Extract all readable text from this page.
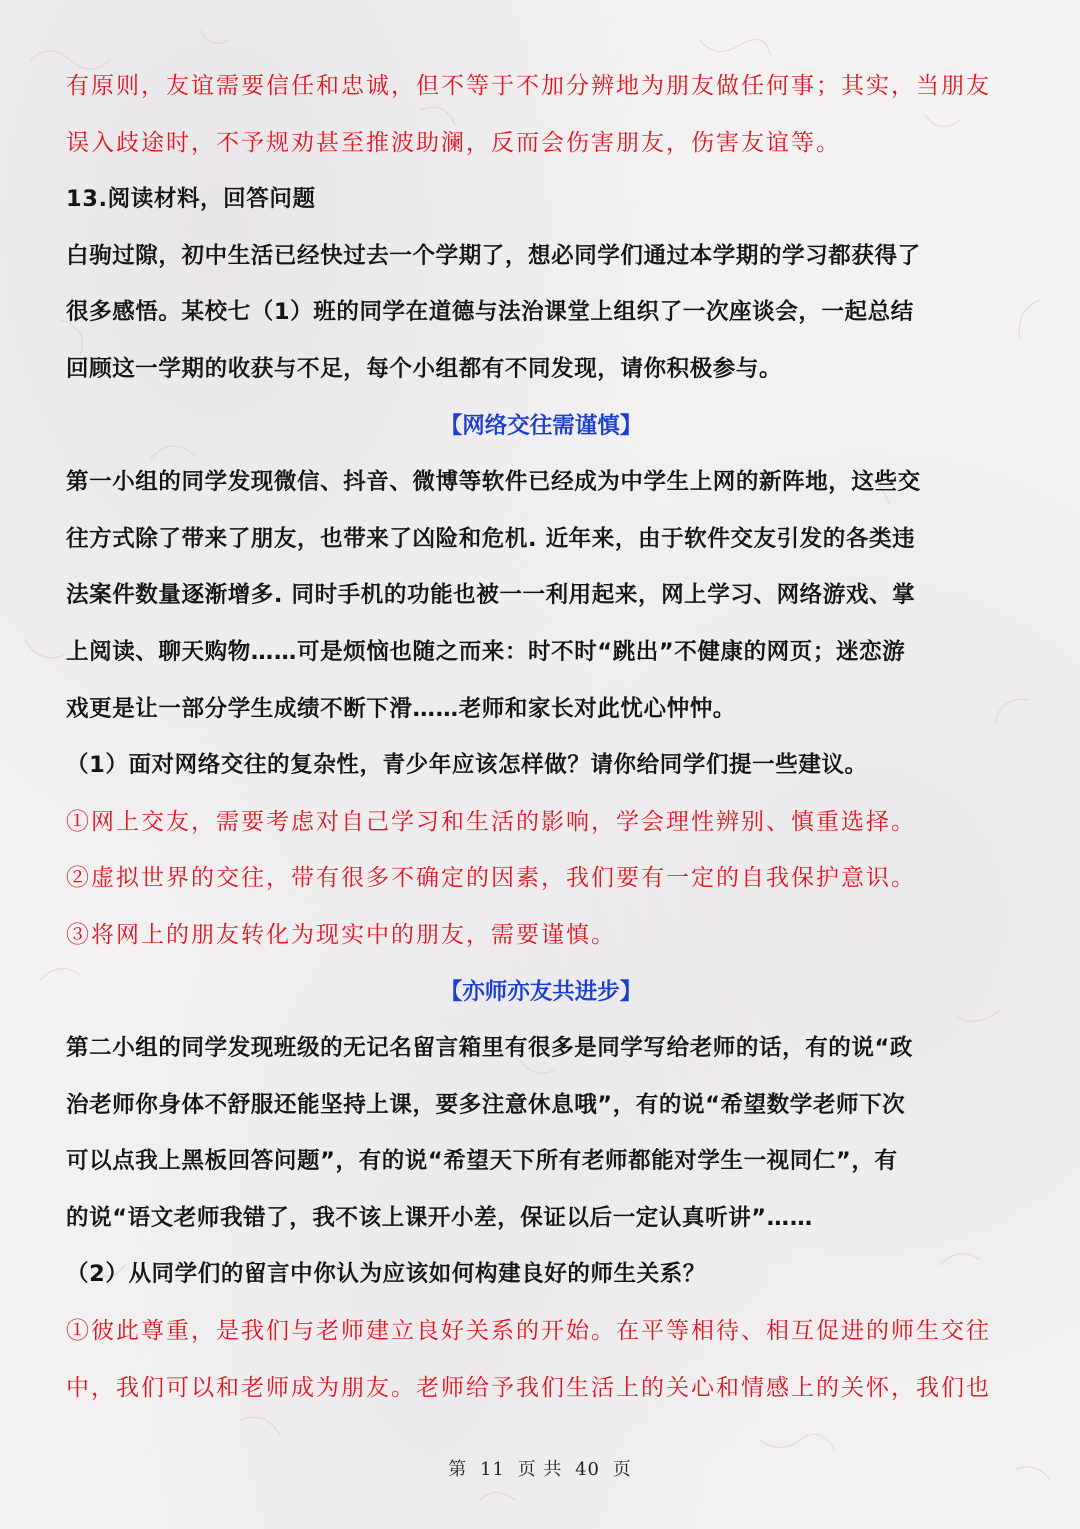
有原则，友谊需要信任和忠诚，但不等于不加分辨地为朋友做任何事；其实，当朋友
误入歧途时，不予规劝甚至推波助澜，反而会伤害朋友，伤害友谊等。
13.阅读材料，回答问题
白驹过隙，初中生活已经快过去一个学期了，想必同学们通过本学期的学习都获得了
很多感悟。某校七（1）班的同学在道德与法治课堂上组织了一次座谈会，一起总结
回顾这一学期的收获与不足，每个小组都有不同发现，请你积极参与。
【网络交往需谨慎】
第一小组的同学发现微信、抖音、微博等软件已经成为中学生上网的新阵地，这些交
往方式除了带来了朋友，也带来了凶险和危机. 近年来，由于软件交友引发的各类违
法案件数量逐渐增多. 同时手机的功能也被一一利用起来，网上学习、网络游戏、掌
上阅读、聊天购物……可是烦恼也随之而来：时不时“跳出”不健康的网页；迷恋游
戏更是让一部分学生成绩不断下滑……老师和家长对此忧心忡忡。
（1）面对网络交往的复杂性，青少年应该怎样做？请你给同学们提一些建议。
①网上交友，需要考虑对自己学习和生活的影响，学会理性辨别、慎重选择。
②虚拟世界的交往，带有很多不确定的因素，我们要有一定的自我保护意识。
③将网上的朋友转化为现实中的朋友，需要谨慎。
【亦师亦友共进步】
第二小组的同学发现班级的无记名留言箱里有很多是同学写给老师的话，有的说“政
治老师你身体不舒服还能坚持上课，要多注意休息哦”，有的说“希望数学老师下次
可以点我上黑板回答问题”，有的说“希望天下所有老师都能对学生一视同仁”，有
的说“语文老师我错了，我不该上课开小差，保证以后一定认真听讲”……
（2）从同学们的留言中你认为应该如何构建良好的师生关系？
①彼此尊重，是我们与老师建立良好关系的开始。在平等相待、相互促进的师生交往
中，我们可以和老师成为朋友。老师给予我们生活上的关心和情感上的关怀，我们也
第 11 页 共 40 页
